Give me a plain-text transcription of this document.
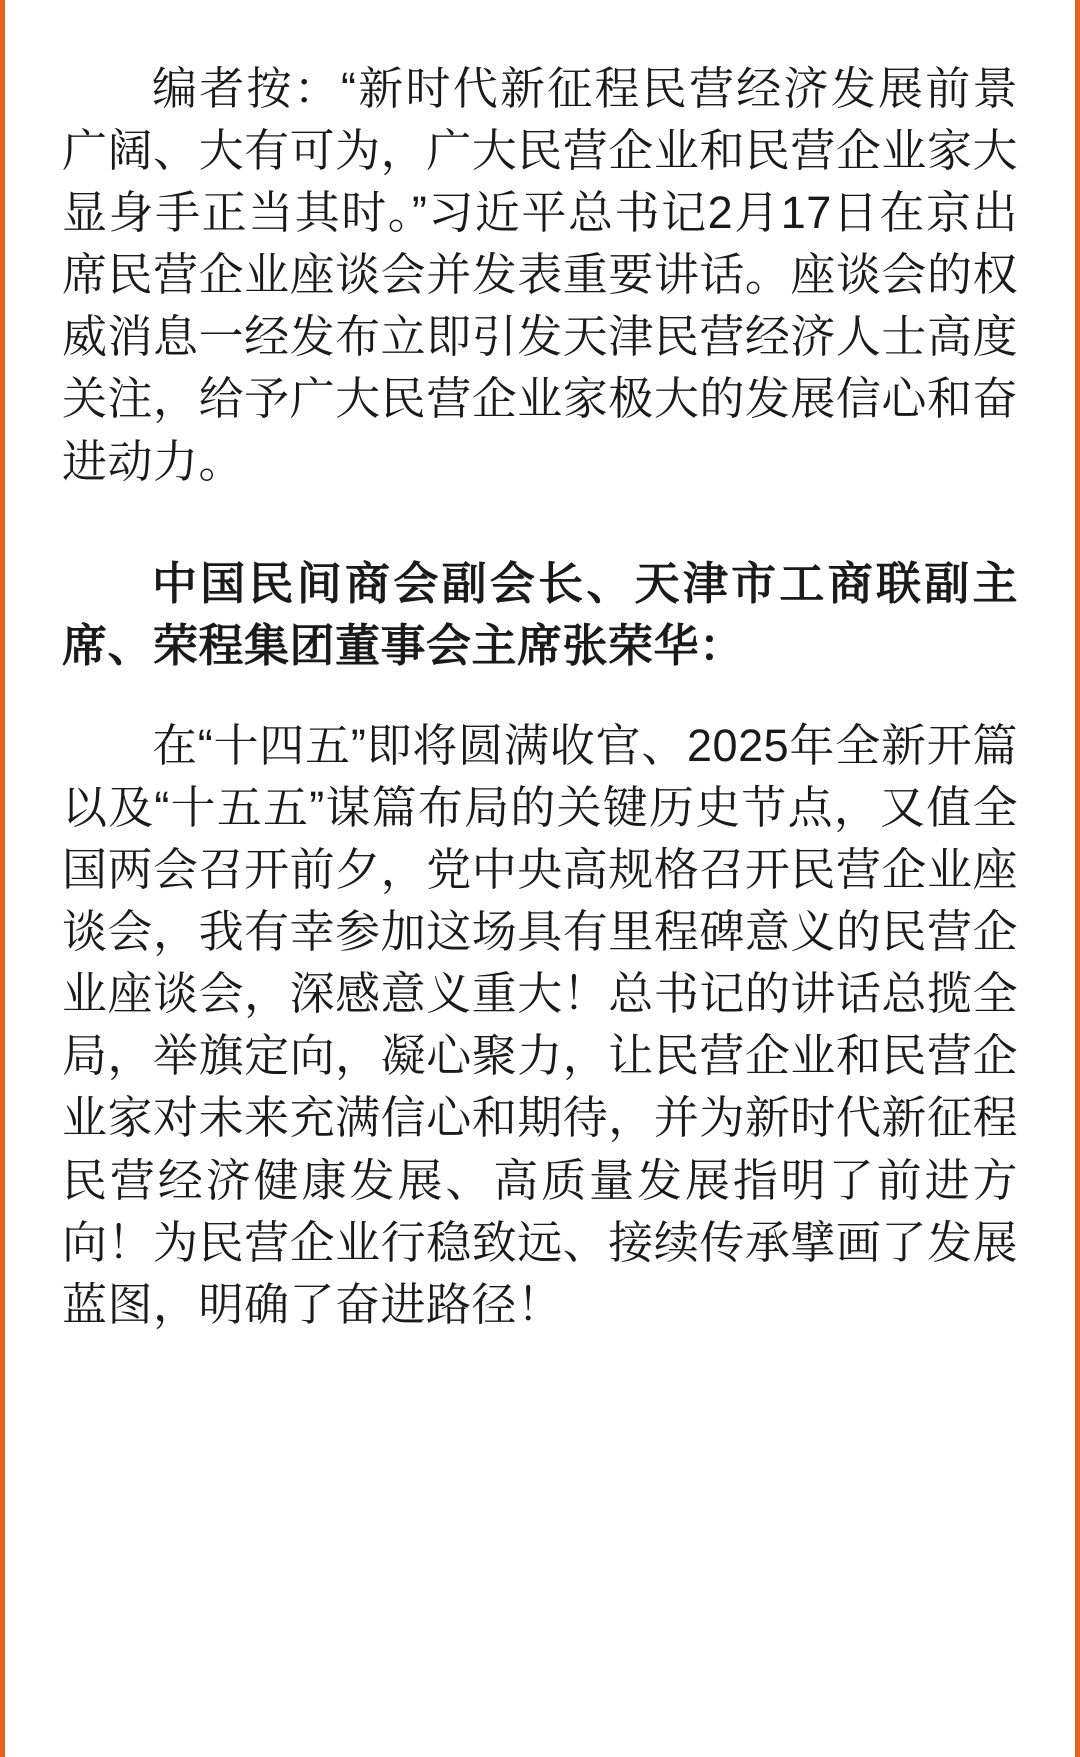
编者按：“新时代新征程民营经济发展前景广阔、大有可为，广大民营企业和民营企业家大显身手正当其时。”习近平总书记2月17日在京出席民营企业座谈会并发表重要讲话。座谈会的权威消息一经发布立即引发天津民营经济人士高度关注，给予广大民营企业家极大的发展信心和奋进动力。

中国民间商会副会长、天津市工商联副主席、荣程集团董事会主席张荣华：

在“十四五”即将圆满收官、2025年全新开篇以及“十五五”谋篇布局的关键历史节点，又值全国两会召开前夕，党中央高规格召开民营企业座谈会，我有幸参加这场具有里程碑意义的民营企业座谈会，深感意义重大！总书记的讲话总揽全局，举旗定向，凝心聚力，让民营企业和民营企业家对未来充满信心和期待，并为新时代新征程民营经济健康发展、高质量发展指明了前进方向！为民营企业行稳致远、接续传承擘画了发展蓝图，明确了奋进路径！
